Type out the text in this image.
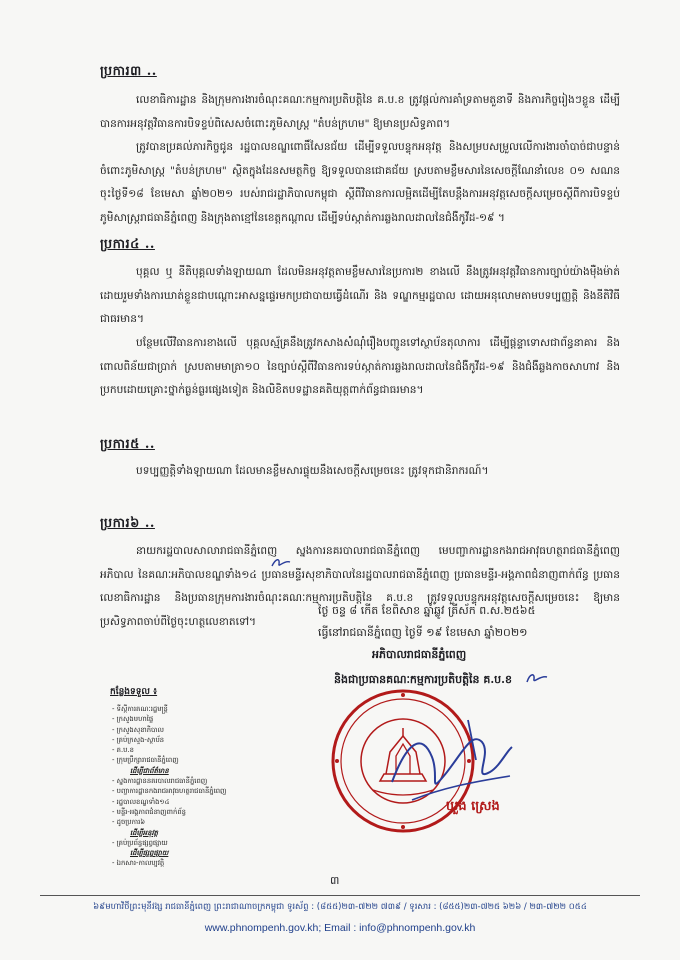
ប្រការ៣ ..
លេខាធិការដ្ឋាន និងក្រុមការងារចំណុះគណៈកម្មការប្រតិបត្តិនៃ គ.ប.ខ ត្រូវផ្តល់ការគាំទ្រតាមតួនាទី និងភារកិច្ចរៀងៗខ្លួន ដើម្បីបានការអនុវត្តវិធានការបិទខ្ទប់ពិសេសចំពោះភូមិសាស្ត្រ "តំបន់ក្រហម" ឱ្យមានប្រសិទ្ធភាព។
ត្រូវបានប្រគល់ភារកិច្ចជូន រដ្ឋបាលខណ្ឌពោធិ៍សែនជ័យ ដើម្បីទទួលបន្ទុកអនុវត្ត និងសម្របសម្រួលលើការងារចាំបាច់ជាបន្ទាន់ចំពោះភូមិសាស្ត្រ "តំបន់ក្រហម" ស្ថិតក្នុងដែនសមត្ថកិច្ច ឱ្យទទួលបានជោគជ័យ ស្របតាមខ្លឹមសារនៃសេចក្តីណែនាំលេខ ០១ សណន ចុះថ្ងៃទី១៨ ខែមេសា ឆ្នាំ២០២១ របស់រាជរដ្ឋាភិបាលកម្ពុជា ស្តីពីវិធានការលម្អិតដើម្បីតែបន្តឹងការអនុវត្តសេចក្តីសម្រេចស្តីពីការបិទខ្ទប់ភូមិសាស្ត្ររាជធានីភ្នំពេញ និងក្រុងតាខ្មៅនៃខេត្តកណ្តាល ដើម្បីទប់ស្កាត់ការឆ្លងរាលដាលនៃជំងឺកូវីដ-១៩ ។
ប្រការ៤ ..
បុគ្គល ឬ នីតិបុគ្គលទាំងឡាយណា ដែលមិនអនុវត្តតាមខ្លឹមសារនៃប្រការ២ ខាងលើ នឹងត្រូវអនុវត្តវិធានការច្បាប់យ៉ាងម៉ឺងម៉ាត់ ដោយរួមទាំងការឃាត់ខ្លួនជាបណ្តោះអាសន្នផ្ទេរមកប្រជាបាយធ្វើដំណើរ និង ទណ្ឌកម្មរដ្ឋបាល ដោយអនុលោមតាមបទប្បញ្ញត្តិ និងនីតិវិធីជាធរមាន។
បន្ថែមលើវិធានការខាងលើ បុគ្គលស្ម័គ្រនឹងត្រូវកសាងសំណុំរឿងបញ្ជូនទៅស្ថាប័នតុលាការ ដើម្បីផ្តន្ទាទោសជាព័ន្ធនាគារ និងពោលពិន័យជាប្រាក់ ស្របតាមមាត្រា១០ នៃច្បាប់ស្តីពីវិធានការទប់ស្កាត់ការឆ្លងរាលដាលនៃជំងឺកូវីដ-១៩ និងជំងឺឆ្លងកាចសាហាវ និងប្រកបដោយគ្រោះថ្នាក់ធ្ងន់ធ្ងរផ្សេងទៀត និងលិខិតបទដ្ឋានគតិយុត្តពាក់ព័ន្ធជាធរមាន។
ប្រការ៥ ..
បទប្បញ្ញត្តិទាំងឡាយណា ដែលមានខ្លឹមសារផ្ទុយនឹងសេចក្តីសម្រេចនេះ ត្រូវទុកជានិរាករណ៍។
ប្រការ៦ ..
នាយករដ្ឋបាលសាលារាជធានីភ្នំពេញ ស្នងការនគរបាលរាជធានីភ្នំពេញ មេបញ្ជាការដ្ឋានកងរាជអាវុធហត្ថរាជធានីភ្នំពេញ អភិបាល នៃគណៈអភិបាលខណ្ឌទាំង១៤ ប្រធានមន្ទីរសុខាភិបាលនៃរដ្ឋបាលរាជធានីភ្នំពេញ ប្រធានមន្ទីរ-អង្គភាពជំនាញពាក់ព័ន្ធ ប្រធានលេខាធិការដ្ឋាន និងប្រធានក្រុមការងារចំណុះគណៈកម្មការប្រតិបត្តិនៃ គ.ប.ខ ត្រូវទទួលបន្ទុកអនុវត្តសេចក្តីសម្រេចនេះ ឱ្យមានប្រសិទ្ធភាពចាប់ពីថ្ងៃចុះហត្ថលេខាតទៅ។
ថ្ងៃ ចន្ទ ៨ កើត ខែពិសាខ ឆ្នាំឆ្លូវ ត្រីស័ក ព.ស.២៥៦៥
ធ្វើនៅរាជធានីភ្នំពេញ ថ្ងៃទី ១៩ ខែមេសា ឆ្នាំ២០២១
អភិបាលរាជធានីភ្នំពេញ
និងជាប្រធានគណៈកម្មការប្រតិបត្តិនៃ គ.ប.ខ
ឃួង ស្រេង
កន្លែងទទួល ៖
- ទីស្តីការគណៈរដ្ឋមន្ត្រី
- ក្រសួងមហាផ្ទៃ
- ក្រសួងសុខាភិបាល
- គ្រប់ក្រសួង-ស្ថាប័ន
- គ.ប.ខ
- ក្រុមប្រឹក្សារាជធានីភ្នំពេញ
ដើម្បីជាព័ត៌មាន
- ស្នងការដ្ឋាននគរបាលរាជធានីភ្នំពេញ
- បញ្ជាការដ្ឋានកងរាជអាវុធហត្ថរាជធានីភ្នំពេញ
- រដ្ឋបាលខណ្ឌទាំង១៤
- មន្ទីរ-អង្គភាពជំនាញពាក់ព័ន្ធ
- ដូចប្រការ៦
ដើម្បីអនុវត្ត
- គ្រប់ប្រព័ន្ធផ្សព្វផ្សាយ
ដើម្បីផ្សព្វផ្សាយ
- ឯកសារ-កាលប្បវត្តិ
៣
៦៩មហាវិថីព្រះមុនីវង្ស រាជធានីភ្នំពេញ ព្រះរាជាណាចក្រកម្ពុជា ទូរស័ព្ទ : (៨៥៥)២៣-៧២២ ៧៣៩ / ទូរសារ : (៨៥៥)២៣-៧២៥ ៦២៦ / ២៣-៧២២ ០៥៤
www.phnompenh.gov.kh; Email : info@phnompenh.gov.kh
